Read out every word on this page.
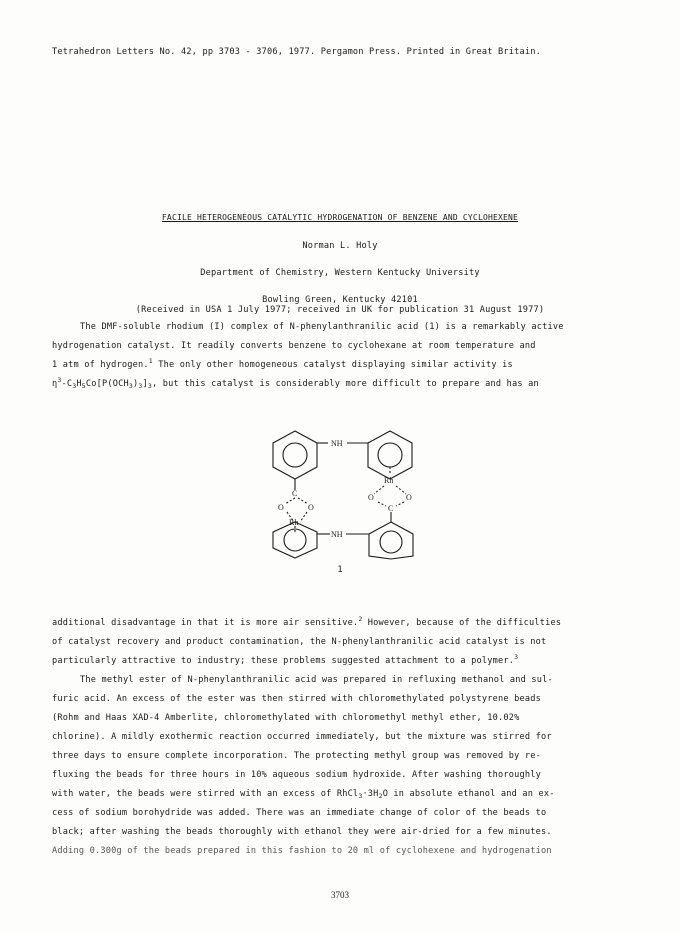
Tetrahedron Letters No. 42, pp 3703 - 3706, 1977. Pergamon Press. Printed in Great Britain.
FACILE HETEROGENEOUS CATALYTIC HYDROGENATION OF BENZENE AND CYCLOHEXENE
Norman L. Holy
Department of Chemistry, Western Kentucky University
Bowling Green, Kentucky 42101
(Received in USA 1 July 1977; received in UK for publication 31 August 1977)
The DMF-soluble rhodium (I) complex of N-phenylanthranilic acid (1) is a remarkably active
hydrogenation catalyst. It readily converts benzene to cyclohexane at room temperature and
1 atm of hydrogen.$^1$ The only other homogeneous catalyst displaying similar activity is
$\eta^3-C_3H_5Co[P(OCH_3)_3]_3$, but this catalyst is considerably more difficult to prepare and has an
NH
Rh
C
O	O
Rh
O	O
C
NH
1
additional disadvantage in that it is more air sensitive.$^2$ However, because of the difficulties
of catalyst recovery and product contamination, the N-phenylanthranilic acid catalyst is not
particularly attractive to industry; these problems suggested attachment to a polymer.$^3$
The methyl ester of N-phenylanthranilic acid was prepared in refluxing methanol and sul-
furic acid. An excess of the ester was then stirred with chloromethylated polystyrene beads
(Rohm and Haas XAD-4 Amberlite, chloromethylated with chloromethyl methyl ether, 10.02%
chlorine). A mildly exothermic reaction occurred immediately, but the mixture was stirred for
three days to ensure complete incorporation. The protecting methyl group was removed by re-
fluxing the beads for three hours in 10% aqueous sodium hydroxide. After washing thoroughly
with water, the beads were stirred with an excess of $RhCl_3\cdot 3H_2O$ in absolute ethanol and an ex-
cess of sodium borohydride was added. There was an immediate change of color of the beads to
black; after washing the beads thoroughly with ethanol they were air-dried for a few minutes.
Adding 0.300g of the beads prepared in this fashion to 20 ml of cyclohexene and hydrogenation
3703
